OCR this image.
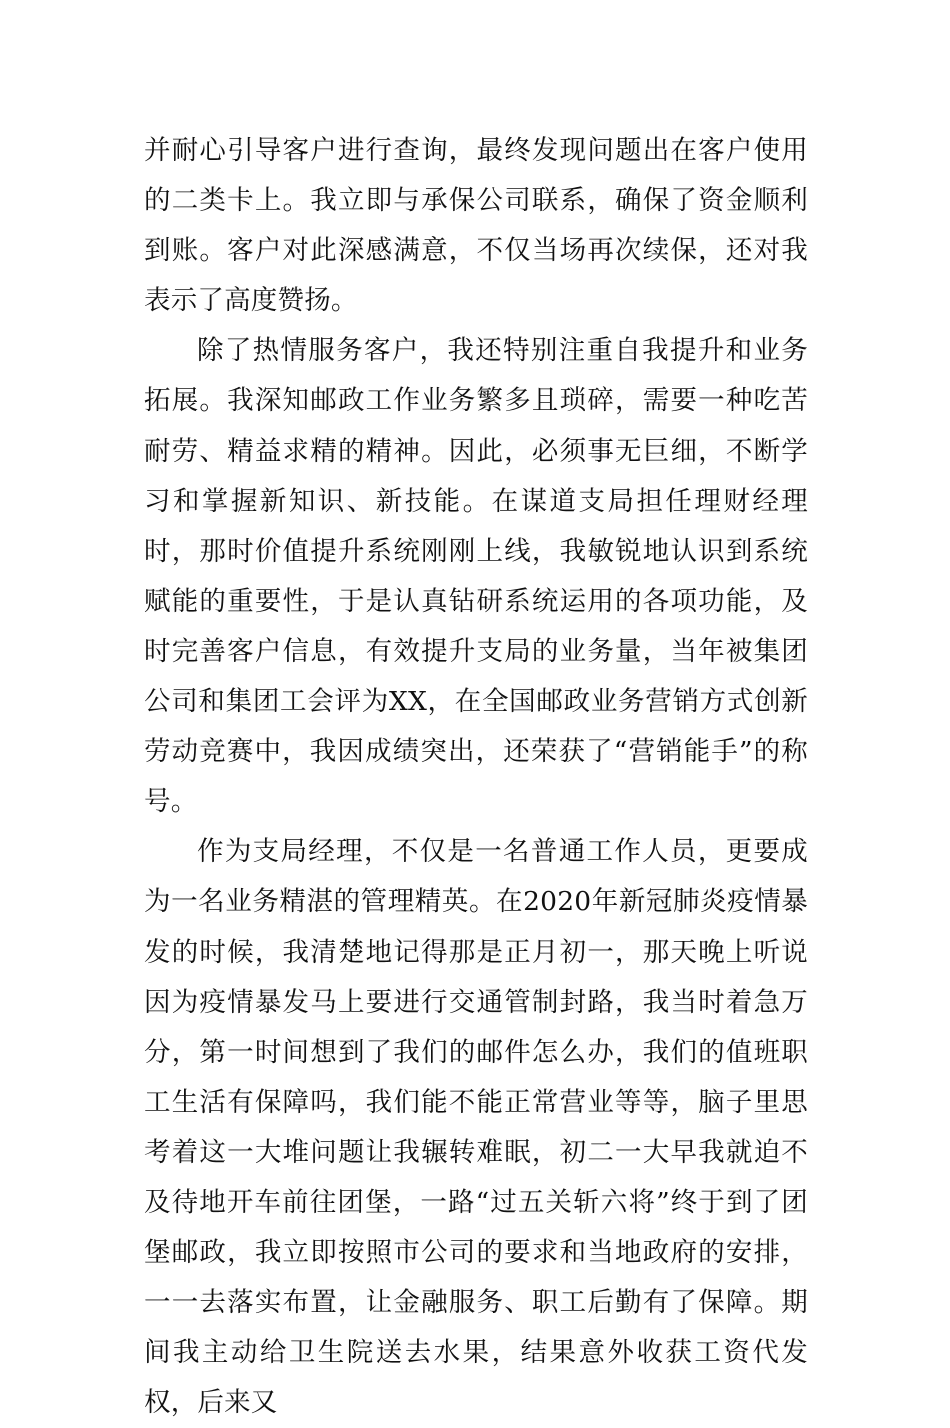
并耐心引导客户进行查询，最终发现问题出在客户使用的二类卡上。我立即与承保公司联系，确保了资金顺利到账。客户对此深感满意，不仅当场再次续保，还对我表示了高度赞扬。

除了热情服务客户，我还特别注重自我提升和业务拓展。我深知邮政工作业务繁多且琐碎，需要一种吃苦耐劳、精益求精的精神。因此，必须事无巨细，不断学习和掌握新知识、新技能。在谋道支局担任理财经理时，那时价值提升系统刚刚上线，我敏锐地认识到系统赋能的重要性，于是认真钻研系统运用的各项功能，及时完善客户信息，有效提升支局的业务量，当年被集团公司和集团工会评为XX，在全国邮政业务营销方式创新劳动竞赛中，我因成绩突出，还荣获了“营销能手”的称号。

作为支局经理，不仅是一名普通工作人员，更要成为一名业务精湛的管理精英。在2020年新冠肺炎疫情暴发的时候，我清楚地记得那是正月初一，那天晚上听说因为疫情暴发马上要进行交通管制封路，我当时着急万分，第一时间想到了我们的邮件怎么办，我们的值班职工生活有保障吗，我们能不能正常营业等等，脑子里思考着这一大堆问题让我辗转难眠，初二一大早我就迫不及待地开车前往团堡，一路“过五关斩六将”终于到了团堡邮政，我立即按照市公司的要求和当地政府的安排，一一去落实布置，让金融服务、职工后勤有了保障。期间我主动给卫生院送去水果，结果意外收获工资代发权，后来又
